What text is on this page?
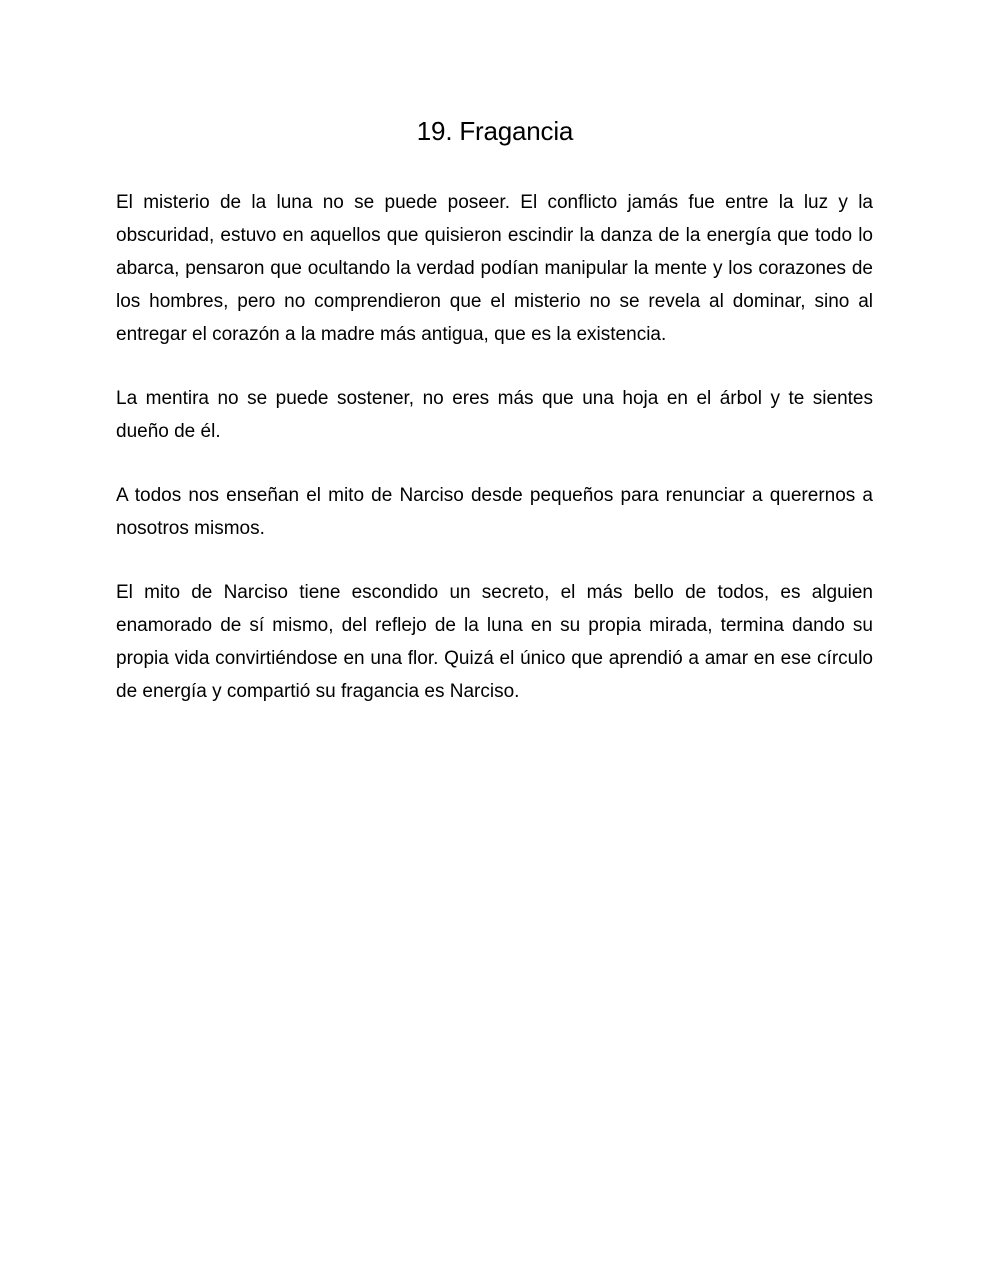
19. Fragancia

El misterio de la luna no se puede poseer. El conflicto jamás fue entre la luz y la obscuridad, estuvo en aquellos que quisieron escindir la danza de la energía que todo lo abarca, pensaron que ocultando la verdad podían manipular la mente y los corazones de los hombres, pero no comprendieron que el misterio no se revela al dominar, sino al entregar el corazón a la madre más antigua, que es la existencia.

La mentira no se puede sostener, no eres más que una hoja en el árbol y te sientes dueño de él.

A todos nos enseñan el mito de Narciso desde pequeños para renunciar a querernos a nosotros mismos.

El mito de Narciso tiene escondido un secreto, el más bello de todos, es alguien enamorado de sí mismo, del reflejo de la luna en su propia mirada, termina dando su propia vida convirtiéndose en una flor. Quizá el único que aprendió a amar en ese círculo de energía y compartió su fragancia es Narciso.
